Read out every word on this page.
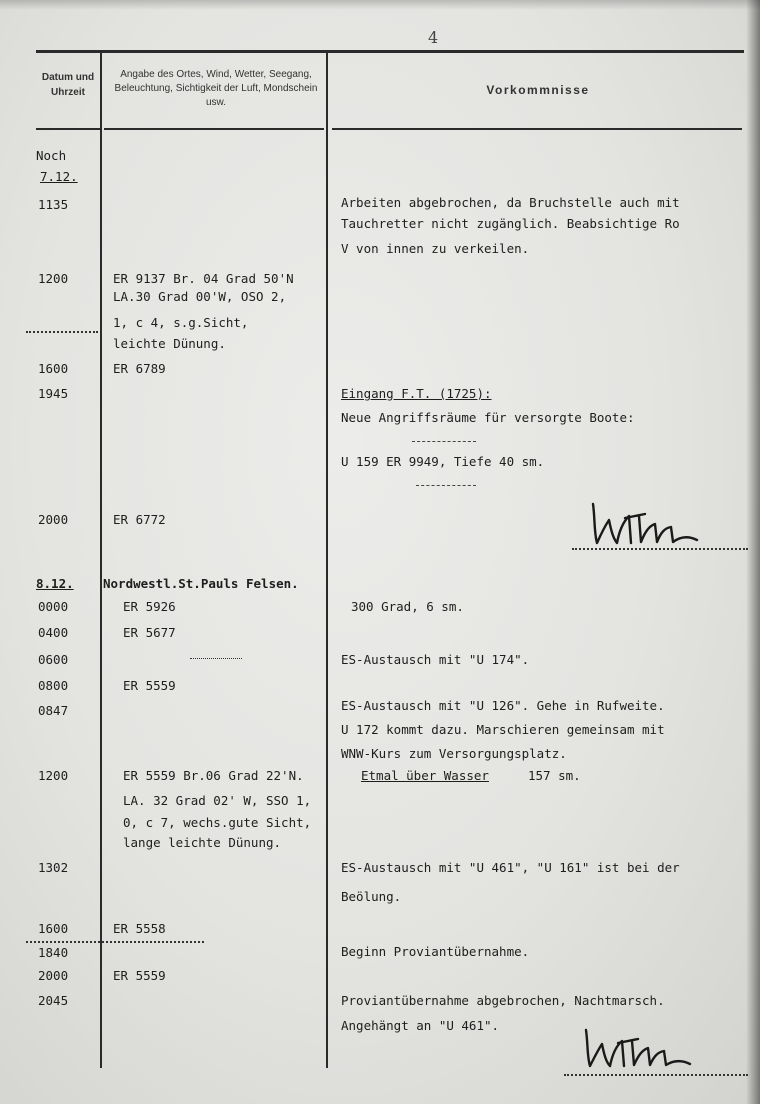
4
Datum und Uhrzeit
Angabe des Ortes, Wind, Wetter, Seegang, Beleuchtung, Sichtigkeit der Luft, Mondschein usw.
Vorkommnisse
Noch
7.12.
1135
1200
1600
1945
2000
8.12.
0000
0400
0600
0800
0847
1200
1302
1600
1840
2000
2045
ER 9137 Br. 04 Grad 50'N
LA.30 Grad 00'W, OSO 2,
1, c 4, s.g.Sicht,
leichte Dünung.
ER 6789
ER 6772
Nordwestl.St.Pauls Felsen.
ER 5926
ER 5677
ER 5559
ER 5559 Br.06 Grad 22'N.
LA. 32 Grad 02' W, SSO 1,
0, c 7, wechs.gute Sicht,
lange leichte Dünung.
ER 5558
ER 5559
Arbeiten abgebrochen, da Bruchstelle auch mit
Tauchretter nicht zugänglich. Beabsichtige Ro
V von innen zu verkeilen.
Eingang F.T. (1725):
Neue Angriffsräume für versorgte Boote:
U 159 ER 9949, Tiefe 40 sm.
300 Grad, 6 sm.
ES-Austausch mit "U 174".
ES-Austausch mit "U 126". Gehe in Rufweite.
U 172 kommt dazu. Marschieren gemeinsam mit
WNW-Kurs zum Versorgungsplatz.
Etmal über Wasser	157 sm.
ES-Austausch mit "U 461", "U 161" ist bei der
Beölung.
Beginn Proviantübernahme.
Proviantübernahme abgebrochen, Nachtmarsch.
Angehängt an "U 461".
